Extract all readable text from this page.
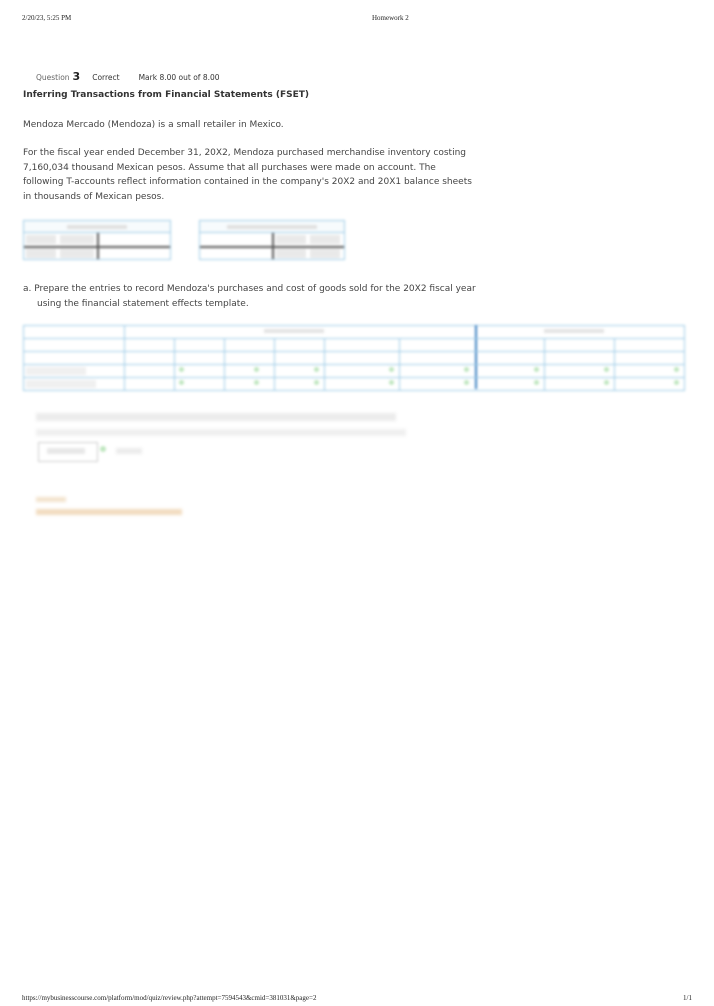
2/20/23, 5:25 PM	Homework 2
Question 3 Correct	Mark 8.00 out of 8.00
Inferring Transactions from Financial Statements (FSET)
Mendoza Mercado (Mendoza) is a small retailer in Mexico.
For the fiscal year ended December 31, 20X2, Mendoza purchased merchandise inventory costing 7,160,034 thousand Mexican pesos. Assume that all purchases were made on account. The following T-accounts reflect information contained in the company's 20X2 and 20X1 balance sheets in thousands of Mexican pesos.
a. Prepare the entries to record Mendoza's purchases and cost of goods sold for the 20X2 fiscal year
using the financial statement effects template.
https://mybusinesscourse.com/platform/mod/quiz/review.php?attempt=7594543&cmid=381031&page=2	1/1
